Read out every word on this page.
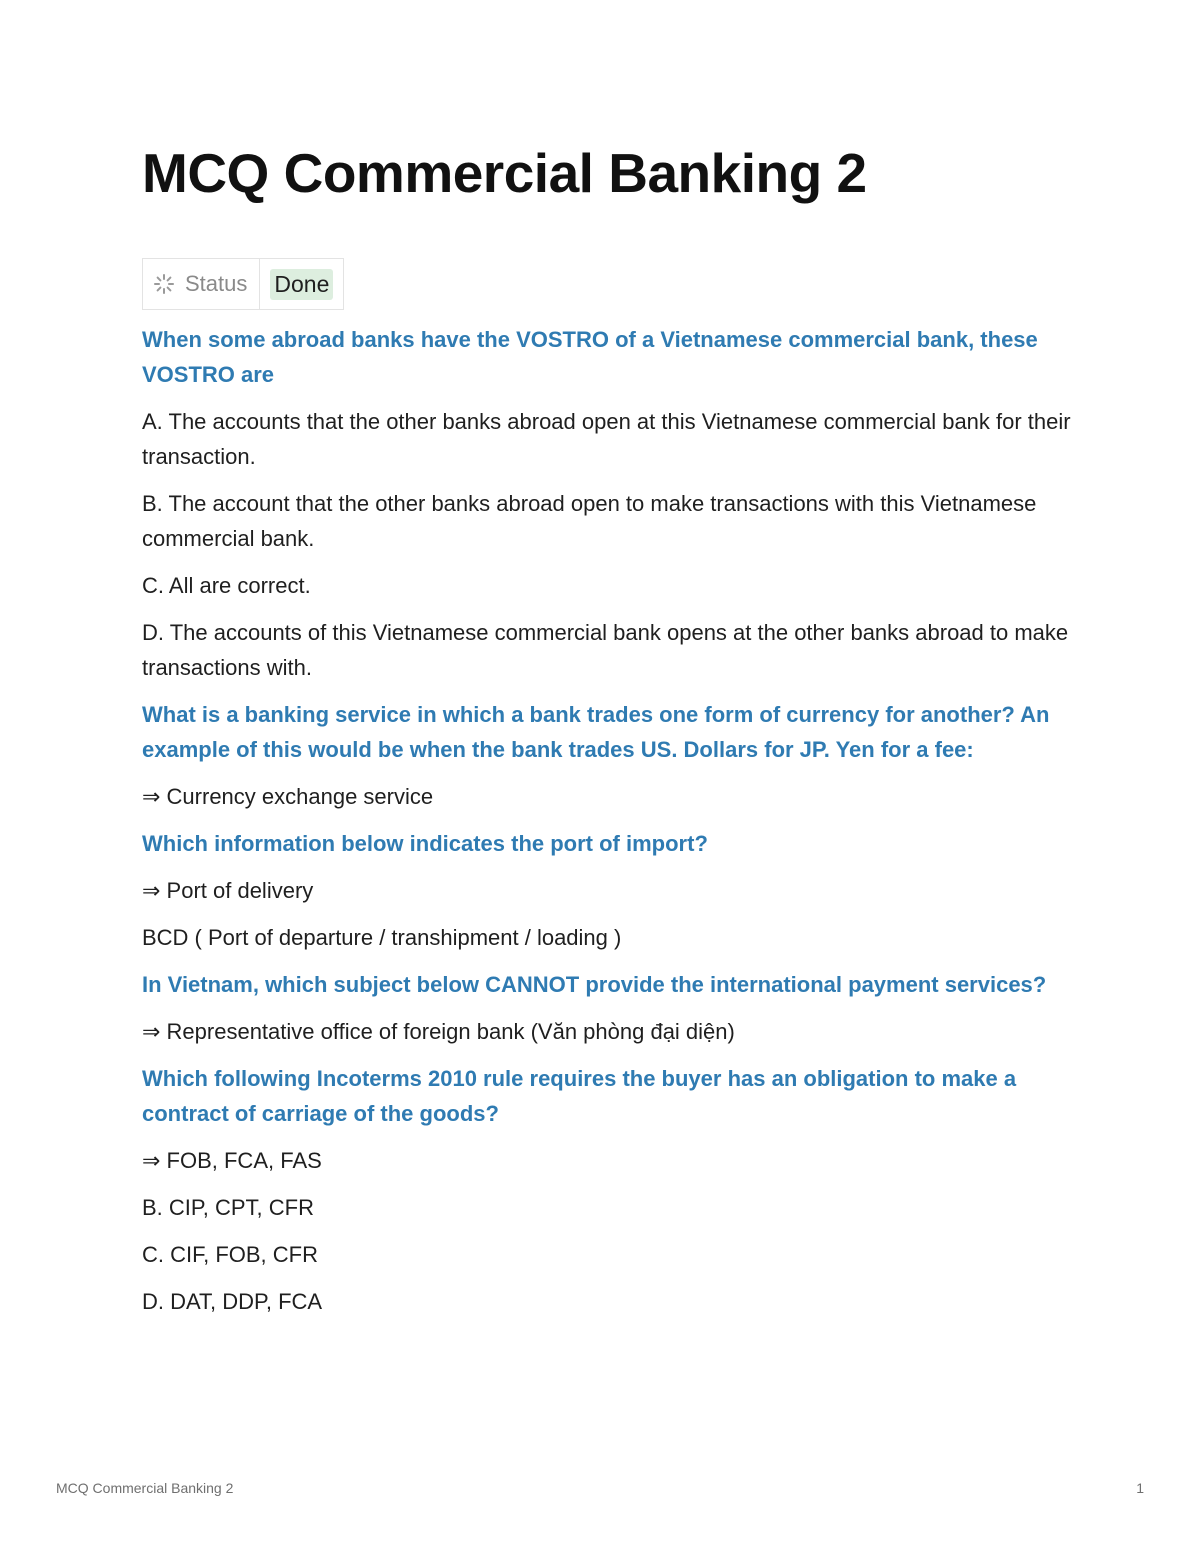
MCQ Commercial Banking 2
Status Done

When some abroad banks have the VOSTRO of a Vietnamese commercial bank, these VOSTRO are

A. The accounts that the other banks abroad open at this Vietnamese commercial bank for their transaction.

B. The account that the other banks abroad open to make transactions with this Vietnamese commercial bank.

C. All are correct.

D. The accounts of this Vietnamese commercial bank opens at the other banks abroad to make transactions with.

What is a banking service in which a bank trades one form of currency for another? An example of this would be when the bank trades US. Dollars for JP. Yen for a fee:

⇒ Currency exchange service

Which information below indicates the port of import?

⇒ Port of delivery

BCD ( Port of departure / transhipment / loading )

In Vietnam, which subject below CANNOT provide the international payment services?

⇒ Representative office of foreign bank (Văn phòng đại diện)

Which following Incoterms 2010 rule requires the buyer has an obligation to make a contract of carriage of the goods?

⇒ FOB, FCA, FAS

B. CIP, CPT, CFR

C. CIF, FOB, CFR

D. DAT, DDP, FCA

MCQ Commercial Banking 2	1
